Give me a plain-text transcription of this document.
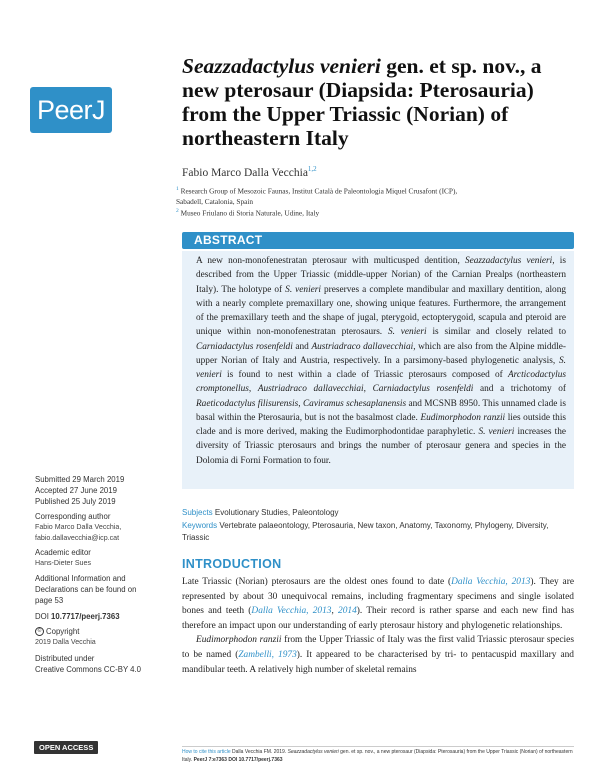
PeerJ
Seazzadactylus venieri gen. et sp. nov., a new pterosaur (Diapsida: Pterosauria) from the Upper Triassic (Norian) of northeastern Italy
Fabio Marco Dalla Vecchia$^{1,2}$
$^1$ Research Group of Mesozoic Faunas, Institut Català de Paleontologia Miquel Crusafont (ICP), Sabadell, Catalonia, Spain
$^2$ Museo Friulano di Storia Naturale, Udine, Italy
ABSTRACT
A new non-monofenestratan pterosaur with multicusped dentition, Seazzadactylus venieri, is described from the Upper Triassic (middle-upper Norian) of the Carnian Prealps (northeastern Italy). The holotype of S. venieri preserves a complete mandibular and maxillary dentition, along with a nearly complete premaxillary one, showing unique features. Furthermore, the arrangement of the premaxillary teeth and the shape of jugal, pterygoid, ectopterygoid, scapula and pteroid are unique within non-monofenestratan pterosaurs. S. venieri is similar and closely related to Carniadactylus rosenfeldi and Austriadraco dallavecchiai, which are also from the Alpine middle-upper Norian of Italy and Austria, respectively. In a parsimony-based phylogenetic analysis, S. venieri is found to nest within a clade of Triassic pterosaurs composed of Arcticodactylus cromptonellus, Austriadraco dallavecchiai, Carniadactylus rosenfeldi and a trichotomy of Raeticodactylus filisurensis, Caviramus schesaplanensis and MCSNB 8950. This unnamed clade is basal within the Pterosauria, but is not the basalmost clade. Eudimorphodon ranzii lies outside this clade and is more derived, making the Eudimorphodontidae paraphyletic. S. venieri increases the diversity of Triassic pterosaurs and brings the number of pterosaur genera and species in the Dolomia di Forni Formation to four.
Submitted 29 March 2019
Accepted 27 June 2019
Published 25 July 2019
Corresponding author
Fabio Marco Dalla Vecchia,
fabio.dallavecchia@icp.cat
Academic editor
Hans-Dieter Sues
Additional Information and
Declarations can be found on
page 53
DOI 10.7717/peerj.7363
© Copyright
2019 Dalla Vecchia
Distributed under
Creative Commons CC-BY 4.0
OPEN ACCESS
Subjects Evolutionary Studies, Paleontology
Keywords Vertebrate palaeontology, Pterosauria, New taxon, Anatomy, Taxonomy, Phylogeny, Diversity, Triassic
INTRODUCTION

Late Triassic (Norian) pterosaurs are the oldest ones found to date (Dalla Vecchia, 2013). They are represented by about 30 unequivocal remains, including fragmentary specimens and single isolated bones and teeth (Dalla Vecchia, 2013, 2014). Their record is rather sparse and each new find has therefore an impact upon our understanding of early pterosaur history and phylogenetic relationships.

Eudimorphodon ranzii from the Upper Triassic of Italy was the first valid Triassic pterosaur species to be named (Zambelli, 1973). It appeared to be characterised by tri- to pentacuspid maxillary and mandibular teeth. A relatively high number of skeletal remains

How to cite this article Dalla Vecchia FM. 2019. Seazzadactylus venieri gen. et sp. nov., a new pterosaur (Diapsida: Pterosauria) from the Upper Triassic (Norian) of northeastern Italy. PeerJ 7:e7363 DOI 10.7717/peerj.7363
